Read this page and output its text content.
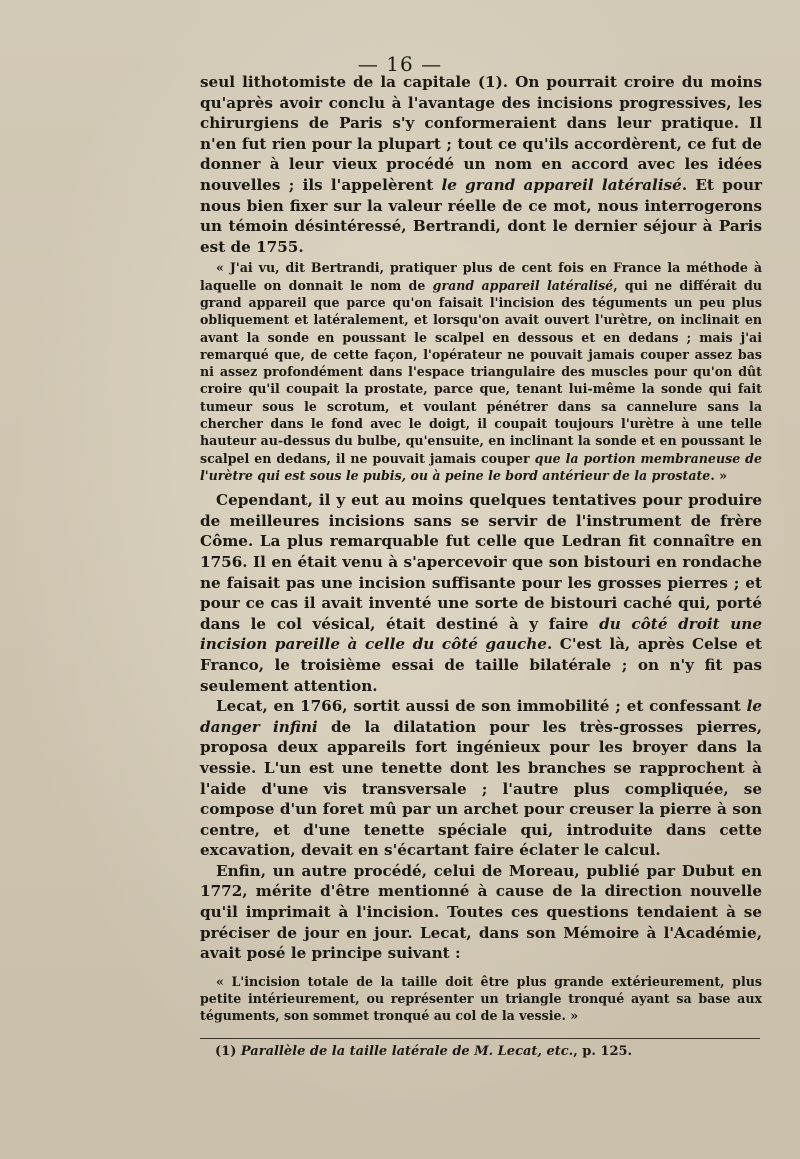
— 16 —

seul lithotomiste de la capitale (1). On pourrait croire du moins qu'après avoir conclu à l'avantage des incisions progressives, les chirurgiens de Paris s'y conformeraient dans leur pratique. Il n'en fut rien pour la plupart ; tout ce qu'ils accordèrent, ce fut de donner à leur vieux procédé un nom en accord avec les idées nouvelles ; ils l'appelèrent le grand appareil latéralisé. Et pour nous bien fixer sur la valeur réelle de ce mot, nous interrogerons un témoin désintéressé, Bertrandi, dont le dernier séjour à Paris est de 1755.

« J'ai vu, dit Bertrandi, pratiquer plus de cent fois en France la méthode à laquelle on donnait le nom de grand appareil latéralisé, qui ne différait du grand appareil que parce qu'on faisait l'incision des téguments un peu plus obliquement et latéralement, et lorsqu'on avait ouvert l'urètre, on inclinait en avant la sonde en poussant le scalpel en dessous et en dedans ; mais j'ai remarqué que, de cette façon, l'opérateur ne pouvait jamais couper assez bas ni assez profondément dans l'espace triangulaire des muscles pour qu'on dût croire qu'il coupait la prostate, parce que, tenant lui-même la sonde qui fait tumeur sous le scrotum, et voulant pénétrer dans sa cannelure sans la chercher dans le fond avec le doigt, il coupait toujours l'urètre à une telle hauteur au-dessus du bulbe, qu'ensuite, en inclinant la sonde et en poussant le scalpel en dedans, il ne pouvait jamais couper que la portion membraneuse de l'urètre qui est sous le pubis, ou à peine le bord antérieur de la prostate. »

Cependant, il y eut au moins quelques tentatives pour produire de meilleures incisions sans se servir de l'instrument de frère Côme. La plus remarquable fut celle que Ledran fit connaître en 1756. Il en était venu à s'apercevoir que son bistouri en rondache ne faisait pas une incision suffisante pour les grosses pierres ; et pour ce cas il avait inventé une sorte de bistouri caché qui, porté dans le col vésical, était destiné à y faire du côté droit une incision pareille à celle du côté gauche. C'est là, après Celse et Franco, le troisième essai de taille bilatérale ; on n'y fit pas seulement attention.

Lecat, en 1766, sortit aussi de son immobilité ; et confessant le danger infini de la dilatation pour les très-grosses pierres, proposa deux appareils fort ingénieux pour les broyer dans la vessie. L'un est une tenette dont les branches se rapprochent à l'aide d'une vis transversale ; l'autre plus compliquée, se compose d'un foret mû par un archet pour creuser la pierre à son centre, et d'une tenette spéciale qui, introduite dans cette excavation, devait en s'écartant faire éclater le calcul.

Enfin, un autre procédé, celui de Moreau, publié par Dubut en 1772, mérite d'être mentionné à cause de la direction nouvelle qu'il imprimait à l'incision. Toutes ces questions tendaient à se préciser de jour en jour. Lecat, dans son Mémoire à l'Académie, avait posé le principe suivant :

« L'incision totale de la taille doit être plus grande extérieurement, plus petite intérieurement, ou représenter un triangle tronqué ayant sa base aux téguments, son sommet tronqué au col de la vessie. »

(1) Parallèle de la taille latérale de M. Lecat, etc., p. 125.
